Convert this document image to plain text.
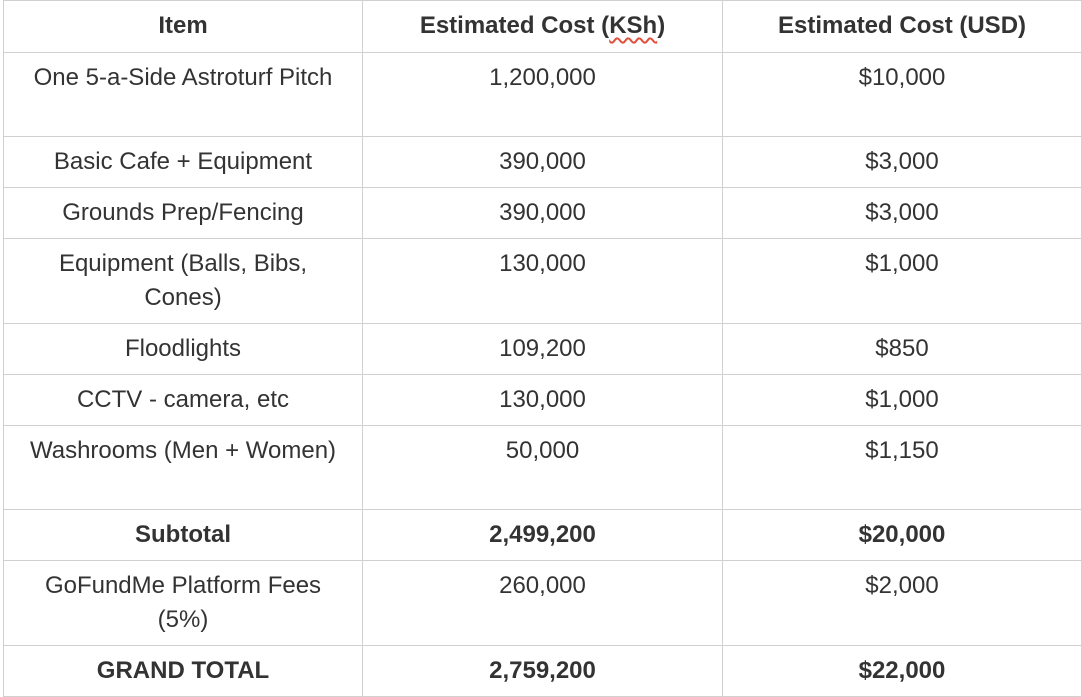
Item	Estimated Cost (KSh)	Estimated Cost (USD)
One 5-a-Side Astroturf Pitch	1,200,000	$10,000
Basic Cafe + Equipment	390,000	$3,000
Grounds Prep/Fencing	390,000	$3,000
Equipment (Balls, Bibs, Cones)	130,000	$1,000
Floodlights	109,200	$850
CCTV - camera, etc	130,000	$1,000
Washrooms (Men + Women)	50,000	$1,150
Subtotal	2,499,200	$20,000
GoFundMe Platform Fees (5%)	260,000	$2,000
GRAND TOTAL	2,759,200	$22,000
